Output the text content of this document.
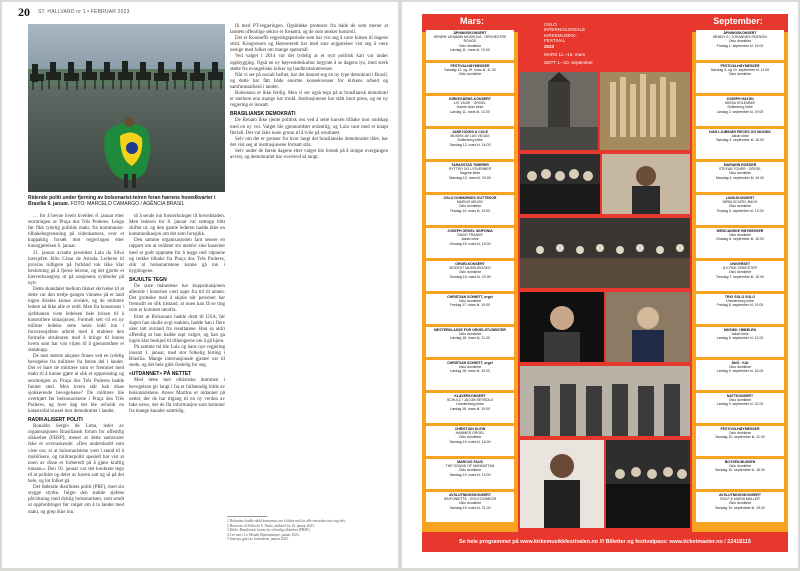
20 ST. HALLVARD nr 1 • FEBRUAR 2023
Ridende politi under fjerning av bolsonarist-teiren foran hærens hovedkvarter i Brasília 9. januar. FOTO: MARCELO CAMARGO / AGÊNCIA BRASIL

… for å hevne hvem kvelden 8. januar etter stormingen av Praça dos Três Poderes. Lenge før fikk tydelig politisk makt, fra kommunist-tilbakebegrensning på videokamera, over et kuppaktig forsøk mot regjeringen etter kunngjørelsen 6. januar.

21. januar avsatte president Lula da Silva hærsjefen Júlio César de Arruda. Lederen til provins tidligere på forhånd tok ikke klar beslutning på å fjerne leirene, og det gjorde et hærverksangrep ut på nasjonens symboler på nytt.

Dette skandalet mellom tilsket skrivelse til at dette var den tredje gangen vinnene på et land ingen direkte kunne avsløre, og de militære ledere nå ikke alle er redd. Men fra konsensus i sjefsbanen viste ledelsen hele krisen til å kontrollere situasjonen. Formelt sett vil en ny militær ledelse sette neste ledd inn i forsvarssjefens arbeid med å etablere den formelle strukturen med å bringe til bunns hvem som har vist viljen til å gjennomføre et statskupp.

De nest største aksjene finnes ved en tydelig bevegelse fra militære fra første del i landet. Det er bare de militære som er fremmet med makt til å kunne gjøre at slik et oppreisning og stormingen av Praça dos Três Poderes hadde funnet sted. Men hvem står bak disse sjokkerende bevegelsene? De militære ble overkjørt før bolsonaristene i Praça dos Três Poderes, og hver dag det ble avholdt en katastrofal trussel mot demokratiet i landet.

RADIKALISERT POLITI

Ronaldo Sergio de Lima, leder av organisasjonen Brasiliansk forum for offentlig sikkerhet (FBSP), mener at dette samsvarer ikke et overraskende: «Den underskudd som viste oss, er at bolsonaristene vært i stand til å mobilisere, og militærpoliti spesielt har vist at noen av disse er forberedt på å gjøre kraftig innsats.» Den 10. januar var det konkrete tegn til at politiet og deler av hæren satt og så på det hele, og lot folket gå.

Det føderale distriktets politi (PRF), med sin stygge styrke, fulgte den stabile sjefens påvirkning med dyktig bolsonarister, som sendt ut oppfordringer før valget om å ta landet med makt, og grep ikke inn.

til å sende inn forsterkninger til hovedstaden. Men lederen for 8. januar var nettopp blitt skiftet ut, og den gamle lederen hadde ikke en kommunikasjon om det som foregikk.

Den samme organisasjonen fant senere en rapport om at soldater sto utenfor sine kaserner med et godt oppmøte for å legge ned våpnene og trekke tilbake fra Praça dos Três Poderes, slik at bolsonaristene kunne gå inn i bygningene.

SKJULTE TEGN

De siste månedene har kuppsituasjonen allerede i historien vært oppe fra tid til annen. Det groteske med å skjule når personer har fremstilt en slik tilstand, at noen kan få se ting som er kommet utenfra.

Etter at Bolsonaro hadde dratt til USA, før dagen han skulle avgi makten, hadde han i flere uker tatt avstand fra resultatene. Han sa aldri offentlig at han hadde tapt valget, og han ga ingen klar beskjed til tilhengerne om å gå hjem.

På samme tid ble Lula og hans nye regjering innsatt 1. januar, med stor folkelig feiring i Brasília. Mange internasjonale gjester var til stede, og det hele gikk fredelig for seg.

«UTDANNET» PÅ NETTET

Med dette mer elitistiske dommen i bevegelsen gir langt i fra et fullstendig bilde av bolsonaristene. Anses Martins er utdannet på nettet, der de har tilgang til en ny verden av fake news, der de får informasjon som kommer fra mange kanaler samtidig.

få med PT-regjeringen. Ogsårløke protester fra både de som mener at landets offentlige sektor er forsømt, og de som ønsker kontroll.

Det er Rousseffs regjeringsperiode som har vist seg å være kimen til dagens strid. Kongressen og Høyesterett har med sine avgjørelser vist seg å være uenige med folket om mange spørsmål.

Ved valget i 2014 var det tydelig at et nytt politisk kart var under oppbygging. Også en ny høyresideskultur begynte å se dagens lys, med sterk støtte fra evangeliske kirker og landbruksinteresser.

Når vi ser på sosialt helhet, har det dannet seg en ny type demokrati i Brasil, og dette har fått både enorme konsekvenser for kirkens arbeid og samfunnsarbeid i landet.

Bolsonaro er ikke ferdig. Men vi ser også tegn på at brasiliansk demokrati er sterkere enn mange har trodd. Institusjonene har stått imot press, og en ny regjering er innsatt.

BRASILIANSK DEMOKRATI

De Renato ikke tjente politisk oss ved å sette kursen tilbake mot ondskap med en ny vei. Valget ble gjennomført ordentlig, og Lula vant med et knapt flertall. Det var ikke noen grunn til å tvile på resultatet.

Selv om det er grenser for hvor langt det brasilianske demokratiet tåler, har det vist seg at institusjonene fortsatt står.

Selv under de første dagene etter valget ble forsøk på å stoppe overgangen avvist, og demokratiet har overlevd så langt.

1 Bolsonaro hadde nådd konsensus om å lukke ned for alle rettssaker mot seg selv.
2 Henviser til Folha de S. Paulo, artikkel fra 10. januar 2023.
3 Kilde: Brasiliansk forum for offentlig sikkerhet (FBSP).
4 Les mer i Le Monde Diplomatique, januar 2023.
5 Intervju gjort av forfatteren, januar 2023.
Mars:	September:
OSLO
INTERNASJONALE
KIRKEMUSIKK-
FESTIVAL
2023
MARS 11.–19. mars
SEPT 1.–10. september
ÅPNINGSKONSERT
HENRIK UKMANN MOSKOVA · ORCHESTRE ROUGE
Oslo domkirke
Lørdag 11. mars kl. 19.00
FESTIVALHØYMESSER
Søndag 12. og 19. mars kl. 11.00
Oslo domkirke
KIRKEGÅRDS-KONSERT
LIV VILDE · ORGEL
Gamle Aker kirke
Lørdag 11. mars kl. 14.00
JANE HÖGNI & COLE
MUSIKK AV LAS VEGAS
Sofienberg kirke
Søndag 12. mars kl. 16.00
TARASSTAS TIMERER
RYTTER OG LYSVENNER
Sagene kirke
Mandag 13. mars kl. 19.00
OSLO DOMKIRKES GUTTEKOR
MARIUS MELBY
Oslo domkirke
Tirsdag 14. mars kl. 19.00
JOSEPH ORGEL SINFONIA
DAVID FRANKE
Jakob kirke
Onsdag 15. mars kl. 19.00
ORGELKONSERT
MODEST MUSSORGSKIJ
Oslo domkirke
Torsdag 16. mars kl. 19.00
CHRISTIAN SCHMITT, orgel
Oslo domkirke
Fredag 17. mars kl. 19.00
MESTERKLASSE FOR ORGELSTUDENTER
Oslo domkirke
Lørdag 18. mars kl. 11.00
CHRISTIAN SCHMITT, orgel
Oslo domkirke
Lørdag 18. mars kl. 15.00
KLAVERKONSERT
SCHULZ / JACOB SEYBOLD
Uranienborg kirke
Lørdag 18. mars kl. 19.00
CHRISTIAN KLEIN
HAMMER ORGEL
Oslo domkirke
Søndag 19. mars kl. 16.00
MARCUS FAUS
THE SOUND OF MANHATTAN
Oslo domkirke
Søndag 19. mars kl. 19.00
AVSLUTNINGSKONSERT
SINFONIETTA · OSLO DOMKOR
Oslo domkirke
Søndag 19. mars kl. 21.00
ÅPNINGSKONSERT
BENNY S / JOHANNES PASSION
Oslo domkirke
Fredag 1. september kl. 19.00
FESTIVALHØYMESSER
Søndag 3. og 10. september kl. 11.00
Oslo domkirke
JOSEPH HAYDN
MISSA SOLEMNIS
Sofienberg kirke
Lørdag 2. september kl. 19.00
IVAN LJUBINÁR PIECES OG MUSIKK
Jakob kirke
Søndag 3. september kl. 16.00
MARIANN ROEDER
STEFAN TONER · ORGEL
Oslo domkirke
Mandag 4. september kl. 19.00
LUNSJKONSERT
MIRIA SCHÖN, BACH
Oslo domkirke
Tirsdag 5. september kl. 12.00
MEXICANSKE HØYMESSER
Oslo domkirke
Onsdag 6. september kl. 19.00
UNIVERSET
& KYRIE ORKESTER
Oslo domkirke
Torsdag 7. september kl. 19.00
TRIO SOLO SOLO
Uranienborg kirke
Fredag 8. september kl. 19.00
MUSIKK I BIBELEN
Jakob kirke
Lørdag 9. september kl. 12.00
ÅNÖ · KAI
Oslo domkirke
Lørdag 9. september kl. 16.00
NATTKONSERT
Oslo domkirke
Lørdag 9. september kl. 22.00
FESTIVALHØYMESSER
Oslo domkirke
Søndag 10. september kl. 11.00
BOYSEN-BUSSEN
Oslo domkirke
Søndag 10. september kl. 16.00
AVSLUTNINGSKONSERT
ROLF & MARIA MALLER
Oslo domkirke
Søndag 10. september kl. 19.00
Se hele programmet på www.kirkemusikkfestivalen.no /// Billetter og festivalpass: www.ticketmaster.no / 22418115
